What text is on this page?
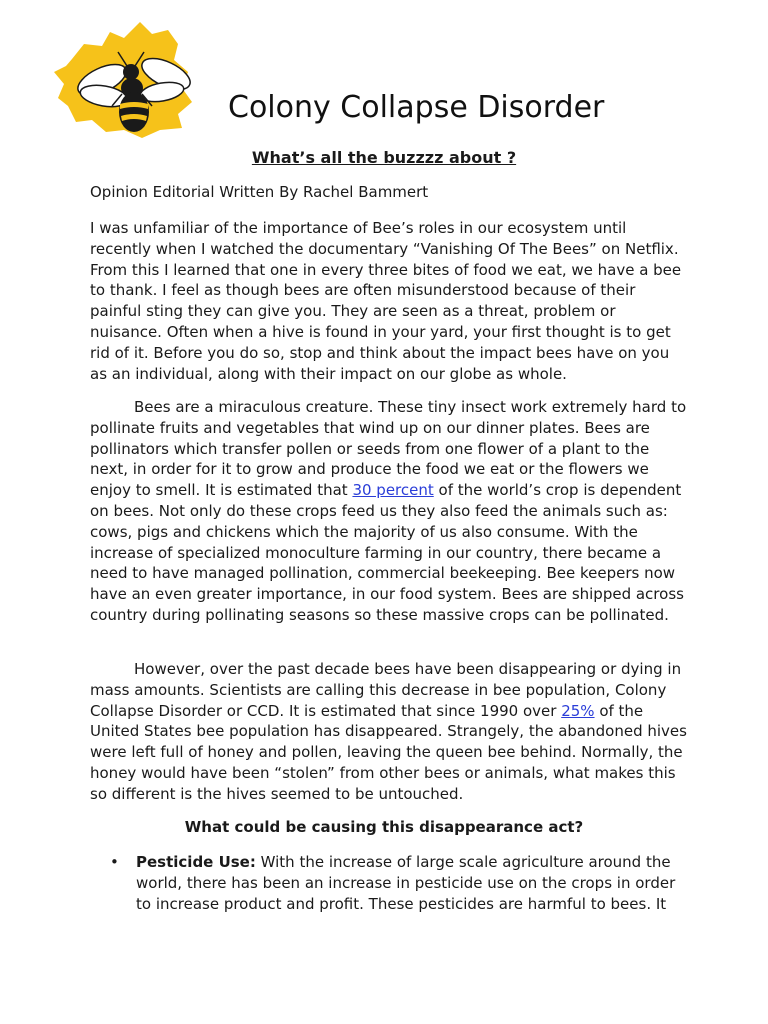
Colony Collapse Disorder
What’s all the buzzzz about ?

Opinion Editorial Written By Rachel Bammert

I was unfamiliar of the importance of Bee’s roles in our ecosystem until recently when I watched the documentary “Vanishing Of The Bees” on Netflix. From this I learned that one in every three bites of food we eat, we have a bee to thank. I feel as though bees are often misunderstood because of their painful sting they can give you. They are seen as a threat, problem or nuisance. Often when a hive is found in your yard, your first thought is to get rid of it. Before you do so, stop and think about the impact bees have on you as an individual, along with their impact on our globe as whole.

Bees are a miraculous creature. These tiny insect work extremely hard to pollinate fruits and vegetables that wind up on our dinner plates. Bees are pollinators which transfer pollen or seeds from one flower of a plant to the next, in order for it to grow and produce the food we eat or the flowers we enjoy to smell. It is estimated that 30 percent of the world’s crop is dependent on bees. Not only do these crops feed us they also feed the animals such as: cows, pigs and chickens which the majority of us also consume. With the increase of specialized monoculture farming in our country, there became a need to have managed pollination, commercial beekeeping. Bee keepers now have an even greater importance, in our food system. Bees are shipped across country during pollinating seasons so these massive crops can be pollinated.

However, over the past decade bees have been disappearing or dying in mass amounts. Scientists are calling this decrease in bee population, Colony Collapse Disorder or CCD. It is estimated that since 1990 over 25% of the United States bee population has disappeared. Strangely, the abandoned hives were left full of honey and pollen, leaving the queen bee behind. Normally, the honey would have been “stolen” from other bees or animals, what makes this so different is the hives seemed to be untouched.

What could be causing this disappearance act?
• Pesticide Use: With the increase of large scale agriculture around the world, there has been an increase in pesticide use on the crops in order to increase product and profit. These pesticides are harmful to bees. It
